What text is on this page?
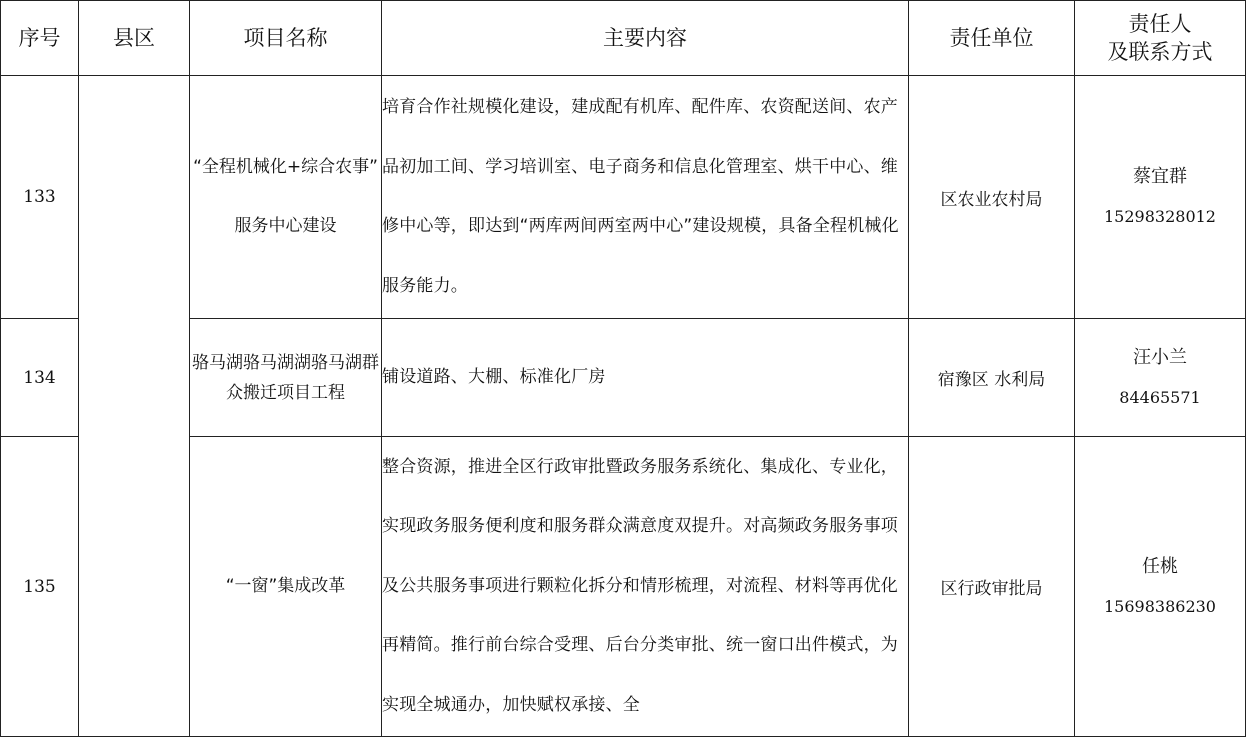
序号	县区	项目名称	主要内容	责任单位	责任人
及联系方式
133		“全程机械化+综合农事” 服务中心建设	培育合作社规模化建设，建成配有机库、配件库、农资配送间、农产品初加工间、学习培训室、电子商务和信息化管理室、烘干中心、维修中心等，即达到“两库两间两室两中心”建设规模，具备全程机械化服务能力。	区农业农村局	蔡宜群
15298328012

134		骆马湖骆马湖湖骆马湖群众搬迁项目工程	铺设道路、大棚、标准化厂房	宿豫区 水利局	汪小兰
84465571

135		“一窗”集成改革	整合资源，推进全区行政审批暨政务服务系统化、集成化、专业化，实现政务服务便利度和服务群众满意度双提升。对高频政务服务事项及公共服务事项进行颗粒化拆分和情形梳理，对流程、材料等再优化再精简。推行前台综合受理、后台分类审批、统一窗口出件模式，为实现全城通办，加快赋权承接、全	区行政审批局	任桃
15698386230
